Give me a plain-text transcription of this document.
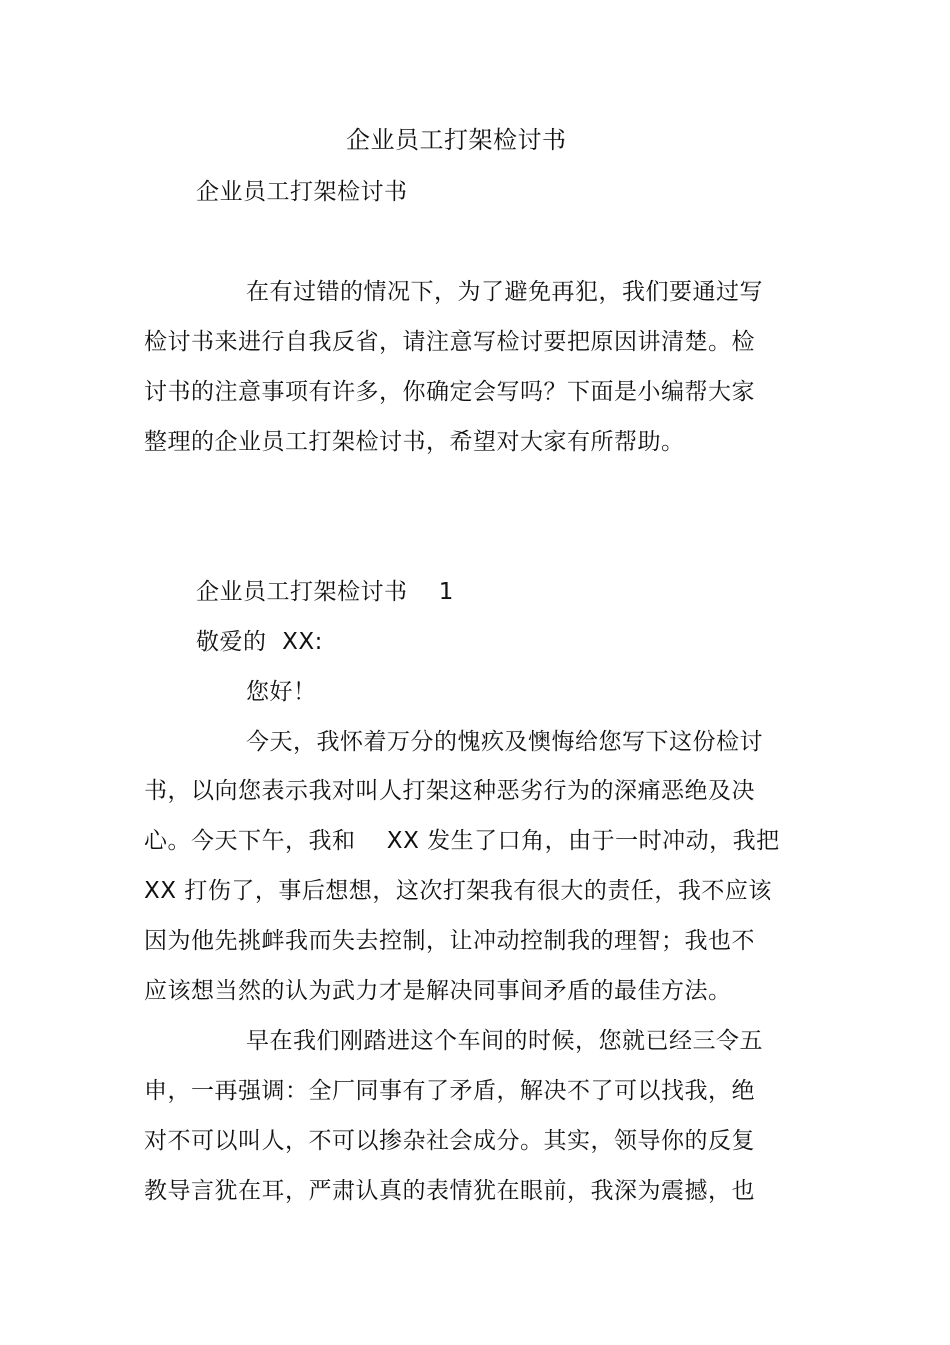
企业员工打架检讨书
企业员工打架检讨书
在有过错的情况下，为了避免再犯，我们要通过写
检讨书来进行自我反省，请注意写检讨要把原因讲清楚。检
讨书的注意事项有许多，你确定会写吗？下面是小编帮大家
整理的企业员工打架检讨书，希望对大家有所帮助。
企业员工打架检讨书　 1
敬爱的  XX:
您好！
今天，我怀着万分的愧疚及懊悔给您写下这份检讨
书，以向您表示我对叫人打架这种恶劣行为的深痛恶绝及决
心。今天下午，我和　 XX 发生了口角，由于一时冲动，我把
XX 打伤了，事后想想，这次打架我有很大的责任，我不应该
因为他先挑衅我而失去控制，让冲动控制我的理智；我也不
应该想当然的认为武力才是解决同事间矛盾的最佳方法。
早在我们刚踏进这个车间的时候，您就已经三令五
申，一再强调：全厂同事有了矛盾，解决不了可以找我，绝
对不可以叫人，不可以掺杂社会成分。其实，领导你的反复
教导言犹在耳，严肃认真的表情犹在眼前，我深为震撼，也
